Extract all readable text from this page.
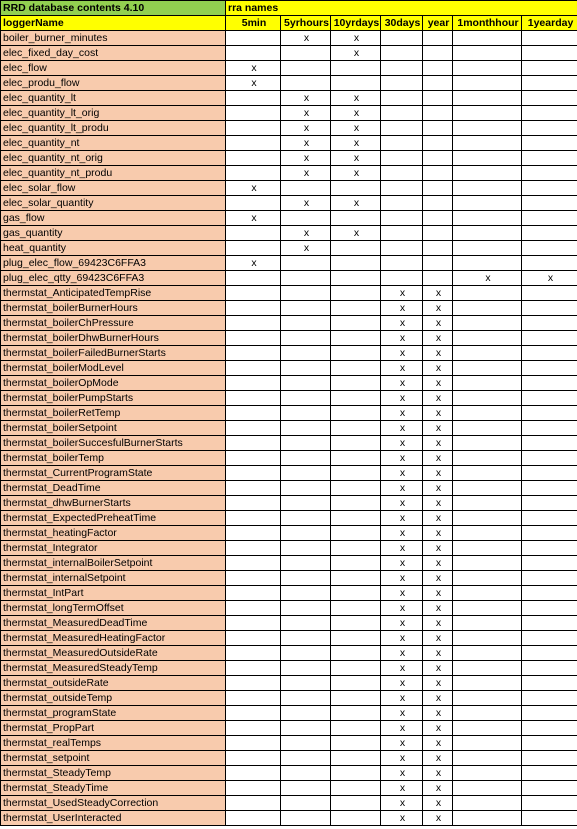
RRD database contents 4.10	rra names						
loggerName	5min	5yrhours	10yrdays	30days	year	1monthhour	1yearday
boiler_burner_minutes		x	x				
elec_fixed_day_cost			x				
elec_flow	x						
elec_produ_flow	x						
elec_quantity_lt		x	x				
elec_quantity_lt_orig		x	x				
elec_quantity_lt_produ		x	x				
elec_quantity_nt		x	x				
elec_quantity_nt_orig		x	x				
elec_quantity_nt_produ		x	x				
elec_solar_flow	x						
elec_solar_quantity		x	x				
gas_flow	x						
gas_quantity		x	x				
heat_quantity		x					
plug_elec_flow_69423C6FFA3	x						
plug_elec_qtty_69423C6FFA3						x	x
thermstat_AnticipatedTempRise				x	x		
thermstat_boilerBurnerHours				x	x		
thermstat_boilerChPressure				x	x		
thermstat_boilerDhwBurnerHours				x	x		
thermstat_boilerFailedBurnerStarts				x	x		
thermstat_boilerModLevel				x	x		
thermstat_boilerOpMode				x	x		
thermstat_boilerPumpStarts				x	x		
thermstat_boilerRetTemp				x	x		
thermstat_boilerSetpoint				x	x		
thermstat_boilerSuccesfulBurnerStarts				x	x		
thermstat_boilerTemp				x	x		
thermstat_CurrentProgramState				x	x		
thermstat_DeadTime				x	x		
thermstat_dhwBurnerStarts				x	x		
thermstat_ExpectedPreheatTime				x	x		
thermstat_heatingFactor				x	x		
thermstat_Integrator				x	x		
thermstat_internalBoilerSetpoint				x	x		
thermstat_internalSetpoint				x	x		
thermstat_IntPart				x	x		
thermstat_longTermOffset				x	x		
thermstat_MeasuredDeadTime				x	x		
thermstat_MeasuredHeatingFactor				x	x		
thermstat_MeasuredOutsideRate				x	x		
thermstat_MeasuredSteadyTemp				x	x		
thermstat_outsideRate				x	x		
thermstat_outsideTemp				x	x		
thermstat_programState				x	x		
thermstat_PropPart				x	x		
thermstat_realTemps				x	x		
thermstat_setpoint				x	x		
thermstat_SteadyTemp				x	x		
thermstat_SteadyTime				x	x		
thermstat_UsedSteadyCorrection				x	x		
thermstat_UserInteracted				x	x		
